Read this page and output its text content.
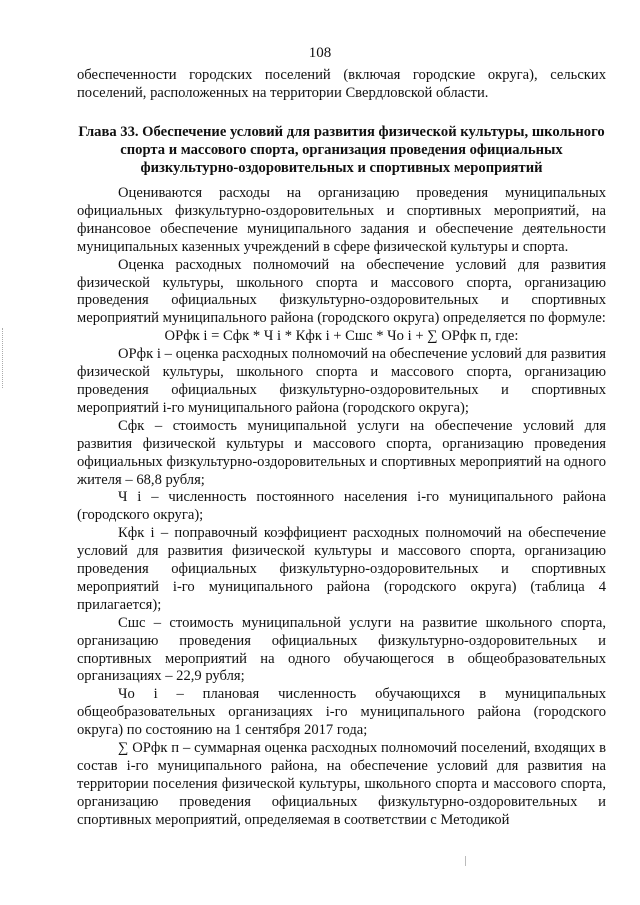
108

обеспеченности городских поселений (включая городские округа), сельских поселений, расположенных на территории Свердловской области.

Глава 33. Обеспечение условий для развития физической культуры, школьного спорта и массового спорта, организация проведения официальных физкультурно-оздоровительных и спортивных мероприятий

Оцениваются расходы на организацию проведения муниципальных официальных физкультурно-оздоровительных и спортивных мероприятий, на финансовое обеспечение муниципального задания и обеспечение деятельности муниципальных казенных учреждений в сфере физической культуры и спорта.

Оценка расходных полномочий на обеспечение условий для развития физической культуры, школьного спорта и массового спорта, организацию проведения официальных физкультурно-оздоровительных и спортивных мероприятий муниципального района (городского округа) определяется по формуле:

ОРфк i = Сфк * Ч i * Кфк i + Сшс * Чо i + ∑ ОРфк п, где:

ОРфк i – оценка расходных полномочий на обеспечение условий для развития физической культуры, школьного спорта и массового спорта, организацию проведения официальных физкультурно-оздоровительных и спортивных мероприятий i-го муниципального района (городского округа);

Сфк – стоимость муниципальной услуги на обеспечение условий для развития физической культуры и массового спорта, организацию проведения официальных физкультурно-оздоровительных и спортивных мероприятий на одного жителя – 68,8 рубля;

Ч i – численность постоянного населения i-го муниципального района (городского округа);

Кфк i – поправочный коэффициент расходных полномочий на обеспечение условий для развития физической культуры и массового спорта, организацию проведения официальных физкультурно-оздоровительных и спортивных мероприятий i-го муниципального района (городского округа) (таблица 4 прилагается);

Сшс – стоимость муниципальной услуги на развитие школьного спорта, организацию проведения официальных физкультурно-оздоровительных и спортивных мероприятий на одного обучающегося в общеобразовательных организациях – 22,9 рубля;

Чо i – плановая численность обучающихся в муниципальных общеобразовательных организациях i-го муниципального района (городского округа) по состоянию на 1 сентября 2017 года;

∑ ОРфк п – суммарная оценка расходных полномочий поселений, входящих в состав i-го муниципального района, на обеспечение условий для развития на территории поселения физической культуры, школьного спорта и массового спорта, организацию проведения официальных физкультурно-оздоровительных и спортивных мероприятий, определяемая в соответствии с Методикой
